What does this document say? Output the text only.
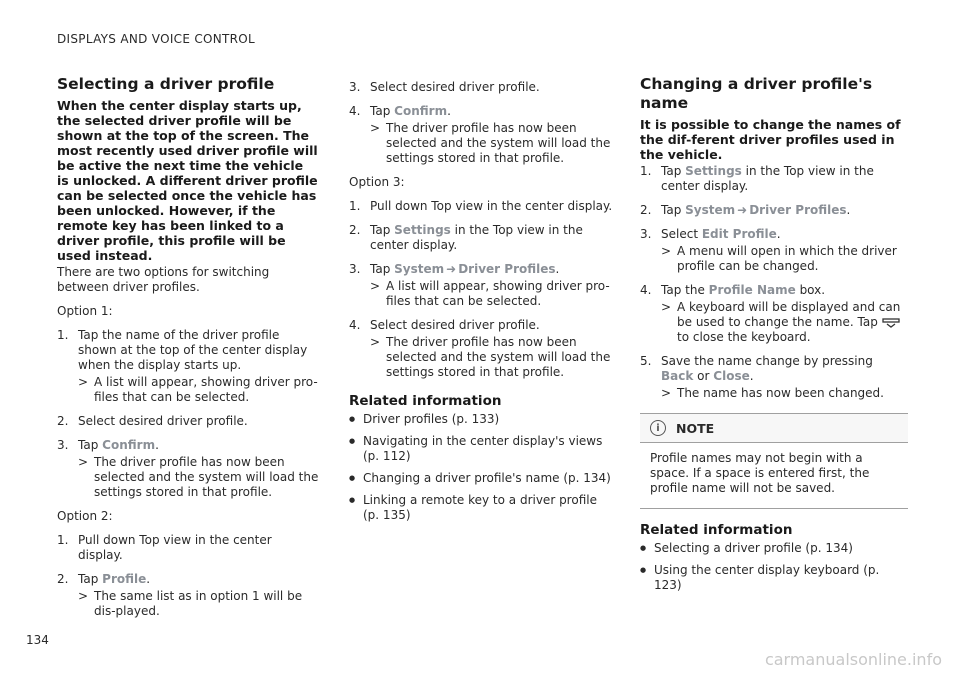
DISPLAYS AND VOICE CONTROL
Selecting a driver profile
When the center display starts up, the selected driver profile will be shown at the top of the screen. The most recently used driver profile will be active the next time the vehicle is unlocked. A different driver profile can be selected once the vehicle has been unlocked. However, if the remote key has been linked to a driver profile, this profile will be used instead.

There are two options for switching between driver profiles.

Option 1:

1. Tap the name of the driver profile shown at the top of the center display when the display starts up.
> A list will appear, showing driver pro-files that can be selected.
2. Select desired driver profile.
3. Tap Confirm.
> The driver profile has now been selected and the system will load the settings stored in that profile.

Option 2:

1. Pull down Top view in the center display.
2. Tap Profile.
> The same list as in option 1 will be dis-played.
3. Select desired driver profile.
4. Tap Confirm.
> The driver profile has now been selected and the system will load the settings stored in that profile.

Option 3:

1. Pull down Top view in the center display.
2. Tap Settings in the Top view in the center display.
3. Tap System ➜ Driver Profiles.
> A list will appear, showing driver pro-files that can be selected.
4. Select desired driver profile.
> The driver profile has now been selected and the system will load the settings stored in that profile.
Related information
● Driver profiles (p. 133)
● Navigating in the center display's views (p. 112)
● Changing a driver profile's name (p. 134)
● Linking a remote key to a driver profile (p. 135)
Changing a driver profile's name
It is possible to change the names of the dif-ferent driver profiles used in the vehicle.
1. Tap Settings in the Top view in the center display.
2. Tap System ➜ Driver Profiles.
3. Select Edit Profile.
> A menu will open in which the driver profile can be changed.
4. Tap the Profile Name box.
> A keyboard will be displayed and can be used to change the name. Tap to close the keyboard.
5. Save the name change by pressing Back or Close.
> The name has now been changed.
i	NOTE
Profile names may not begin with a space. If a space is entered first, the profile name will not be saved.
Related information
● Selecting a driver profile (p. 134)
● Using the center display keyboard (p. 123)
134
carmanualsonline.info
